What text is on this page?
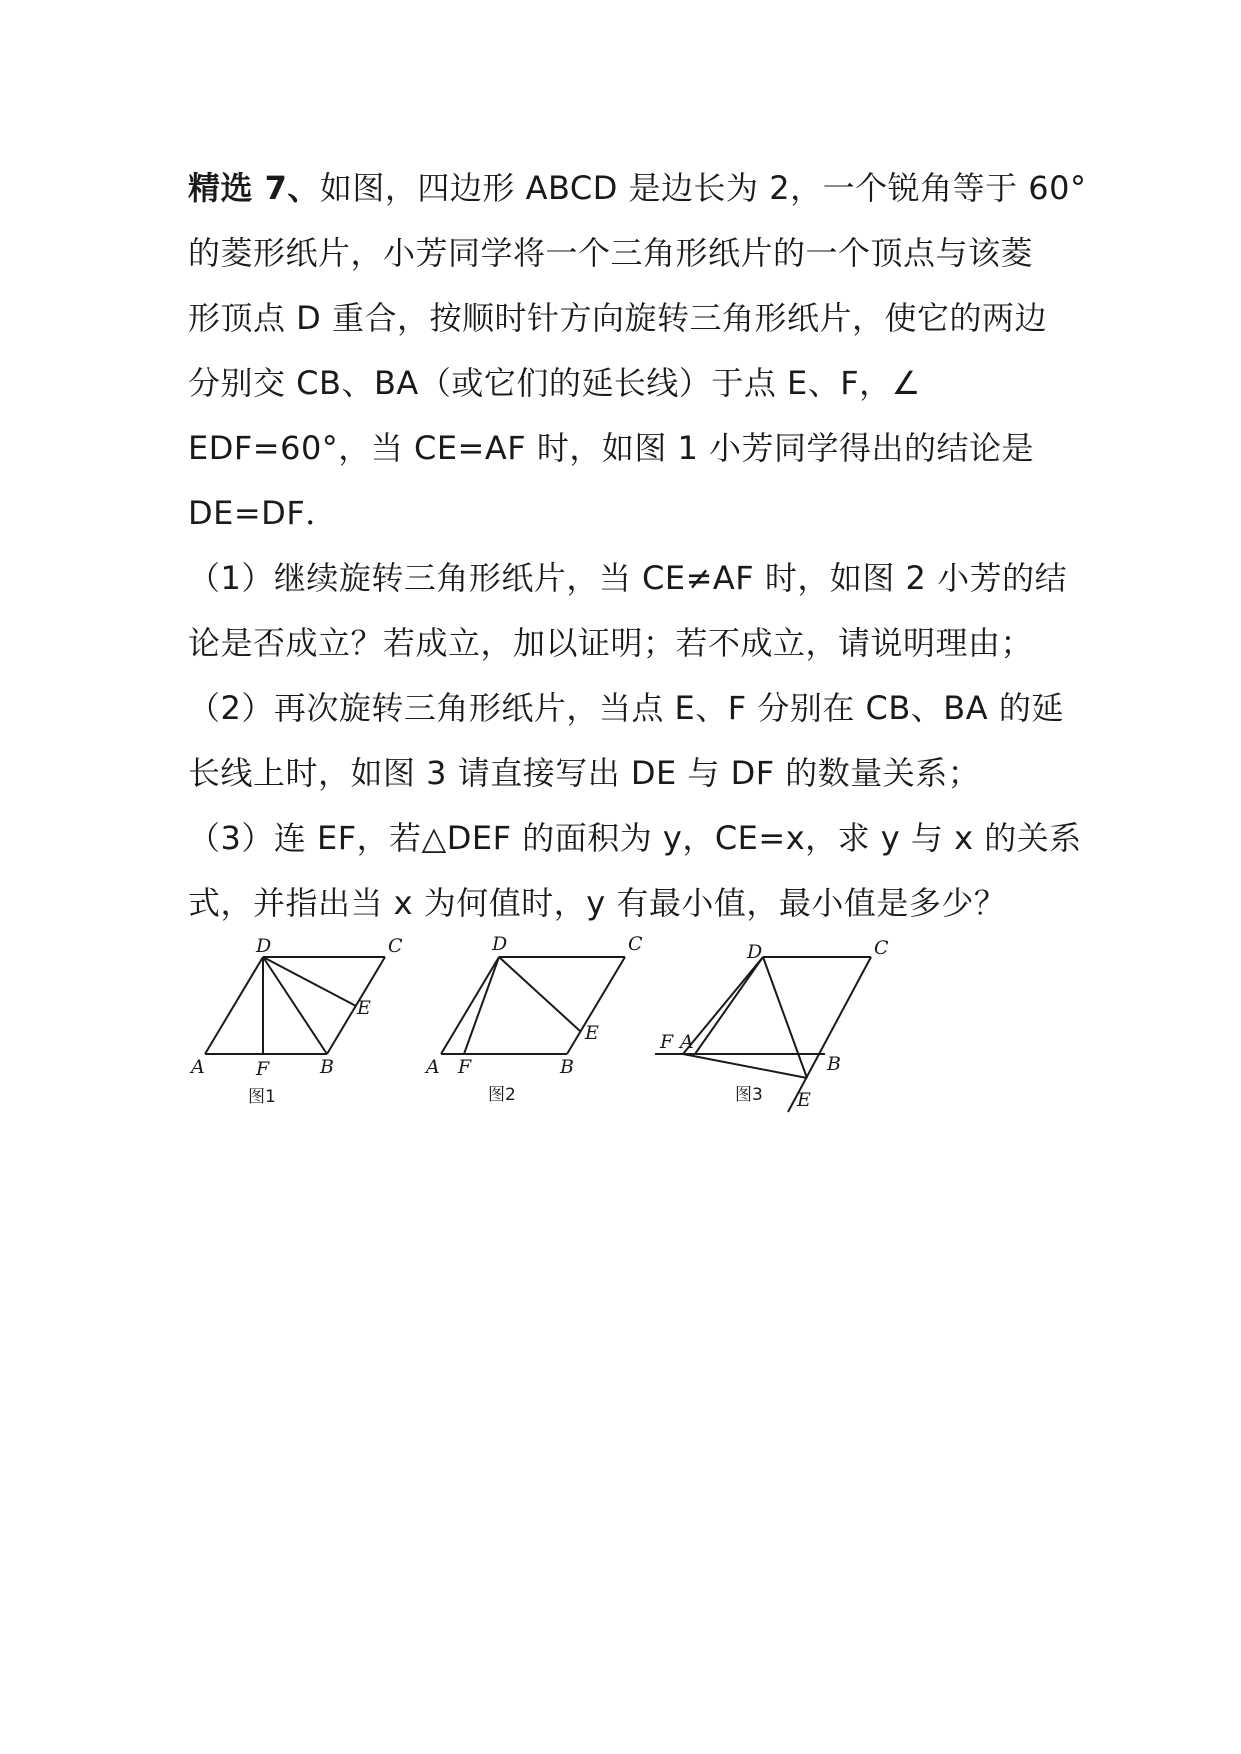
精选 7、如图，四边形 ABCD 是边长为 2，一个锐角等于 60°
的菱形纸片，小芳同学将一个三角形纸片的一个顶点与该菱
形顶点 D 重合，按顺时针方向旋转三角形纸片，使它的两边
分别交 CB、BA（或它们的延长线）于点 E、F，∠
EDF=60°，当 CE=AF 时，如图 1 小芳同学得出的结论是
DE=DF．
（1）继续旋转三角形纸片，当 CE≠AF 时，如图 2 小芳的结
论是否成立？若成立，加以证明；若不成立，请说明理由；
（2）再次旋转三角形纸片，当点 E、F 分别在 CB、BA 的延
长线上时，如图 3 请直接写出 DE 与 DF 的数量关系；
（3）连 EF，若△DEF 的面积为 y，CE=x，求 y 与 x 的关系
式，并指出当 x 为何值时，y 有最小值，最小值是多少？
A	F	B
E
D	C
图1
A F	B
E
D	C
图2
F A
B
E
D	C
图3
